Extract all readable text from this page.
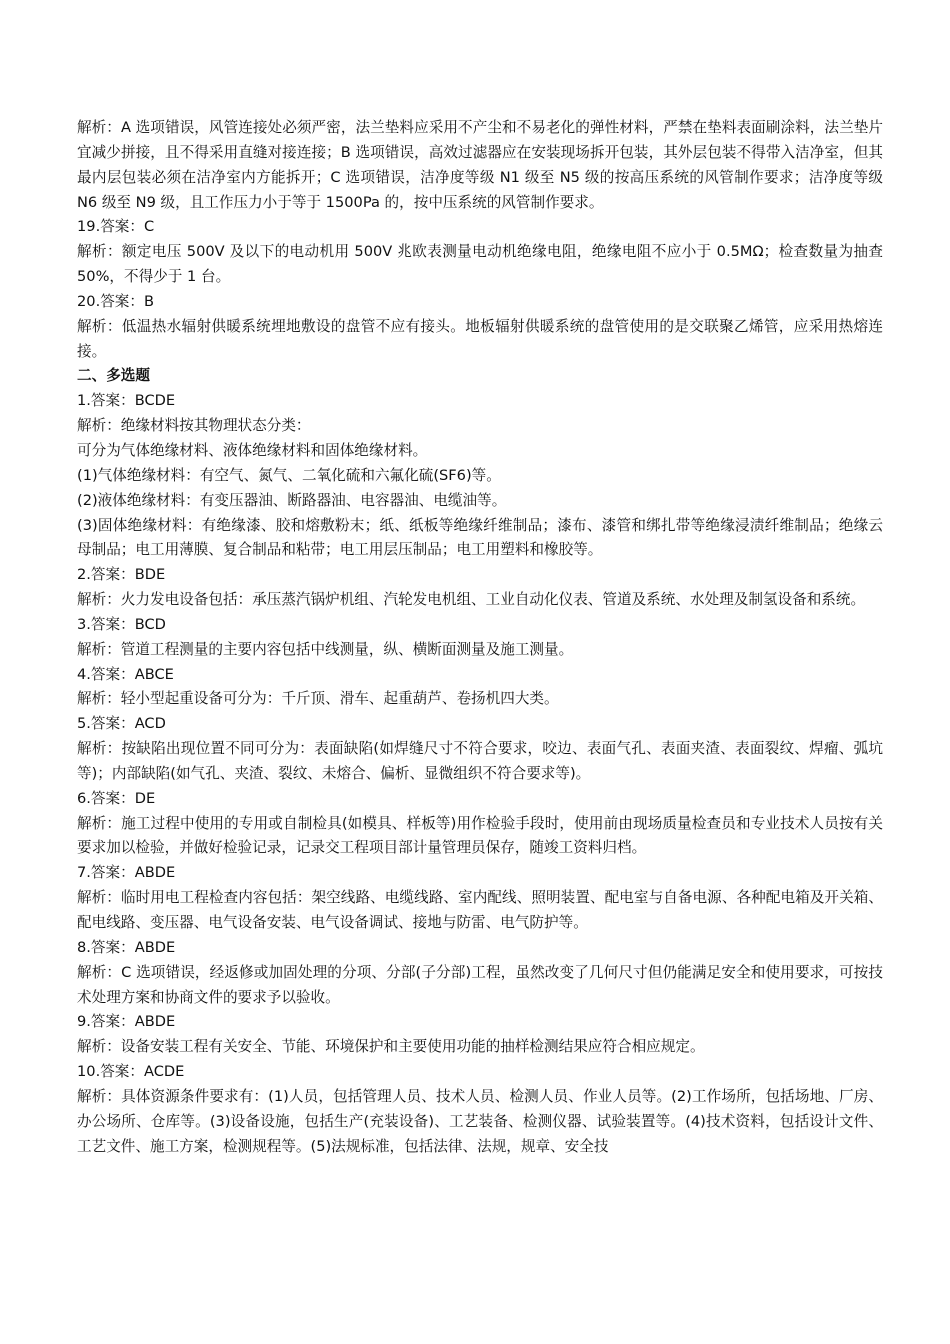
解析：A 选项错误，风管连接处必须严密，法兰垫料应采用不产尘和不易老化的弹性材料，严禁在垫料表面刷涂料，法兰垫片宜减少拼接，且不得采用直缝对接连接；B 选项错误，高效过滤器应在安装现场拆开包装，其外层包装不得带入洁净室，但其最内层包装必须在洁净室内方能拆开；C 选项错误，洁净度等级 N1 级至 N5 级的按高压系统的风管制作要求；洁净度等级 N6 级至 N9 级，且工作压力小于等于 1500Pa 的，按中压系统的风管制作要求。
19.答案：C
解析：额定电压 500V 及以下的电动机用 500V 兆欧表测量电动机绝缘电阻，绝缘电阻不应小于 0.5MΩ；检查数量为抽查 50%，不得少于 1 台。
20.答案：B
解析：低温热水辐射供暖系统埋地敷设的盘管不应有接头。地板辐射供暖系统的盘管使用的是交联聚乙烯管，应采用热熔连接。
二、多选题
1.答案：BCDE
解析：绝缘材料按其物理状态分类：
可分为气体绝缘材料、液体绝缘材料和固体绝缘材料。
(1)气体绝缘材料：有空气、氮气、二氧化硫和六氟化硫(SF6)等。
(2)液体绝缘材料：有变压器油、断路器油、电容器油、电缆油等。
(3)固体绝缘材料：有绝缘漆、胶和熔敷粉末；纸、纸板等绝缘纤维制品；漆布、漆管和绑扎带等绝缘浸渍纤维制品；绝缘云母制品；电工用薄膜、复合制品和粘带；电工用层压制品；电工用塑料和橡胶等。
2.答案：BDE
解析：火力发电设备包括：承压蒸汽锅炉机组、汽轮发电机组、工业自动化仪表、管道及系统、水处理及制氢设备和系统。
3.答案：BCD
解析：管道工程测量的主要内容包括中线测量，纵、横断面测量及施工测量。
4.答案：ABCE
解析：轻小型起重设备可分为：千斤顶、滑车、起重葫芦、卷扬机四大类。
5.答案：ACD
解析：按缺陷出现位置不同可分为：表面缺陷(如焊缝尺寸不符合要求，咬边、表面气孔、表面夹渣、表面裂纹、焊瘤、弧坑等)；内部缺陷(如气孔、夹渣、裂纹、未熔合、偏析、显微组织不符合要求等)。
6.答案：DE
解析：施工过程中使用的专用或自制检具(如模具、样板等)用作检验手段时，使用前由现场质量检查员和专业技术人员按有关要求加以检验，并做好检验记录，记录交工程项目部计量管理员保存，随竣工资料归档。
7.答案：ABDE
解析：临时用电工程检查内容包括：架空线路、电缆线路、室内配线、照明装置、配电室与自备电源、各种配电箱及开关箱、配电线路、变压器、电气设备安装、电气设备调试、接地与防雷、电气防护等。
8.答案：ABDE
解析：C 选项错误，经返修或加固处理的分项、分部(子分部)工程，虽然改变了几何尺寸但仍能满足安全和使用要求，可按技术处理方案和协商文件的要求予以验收。
9.答案：ABDE
解析：设备安装工程有关安全、节能、环境保护和主要使用功能的抽样检测结果应符合相应规定。
10.答案：ACDE
解析：具体资源条件要求有：(1)人员，包括管理人员、技术人员、检测人员、作业人员等。(2)工作场所，包括场地、厂房、办公场所、仓库等。(3)设备设施，包括生产(充装设备)、工艺装备、检测仪器、试验装置等。(4)技术资料，包括设计文件、工艺文件、施工方案，检测规程等。(5)法规标准，包括法律、法规，规章、安全技
